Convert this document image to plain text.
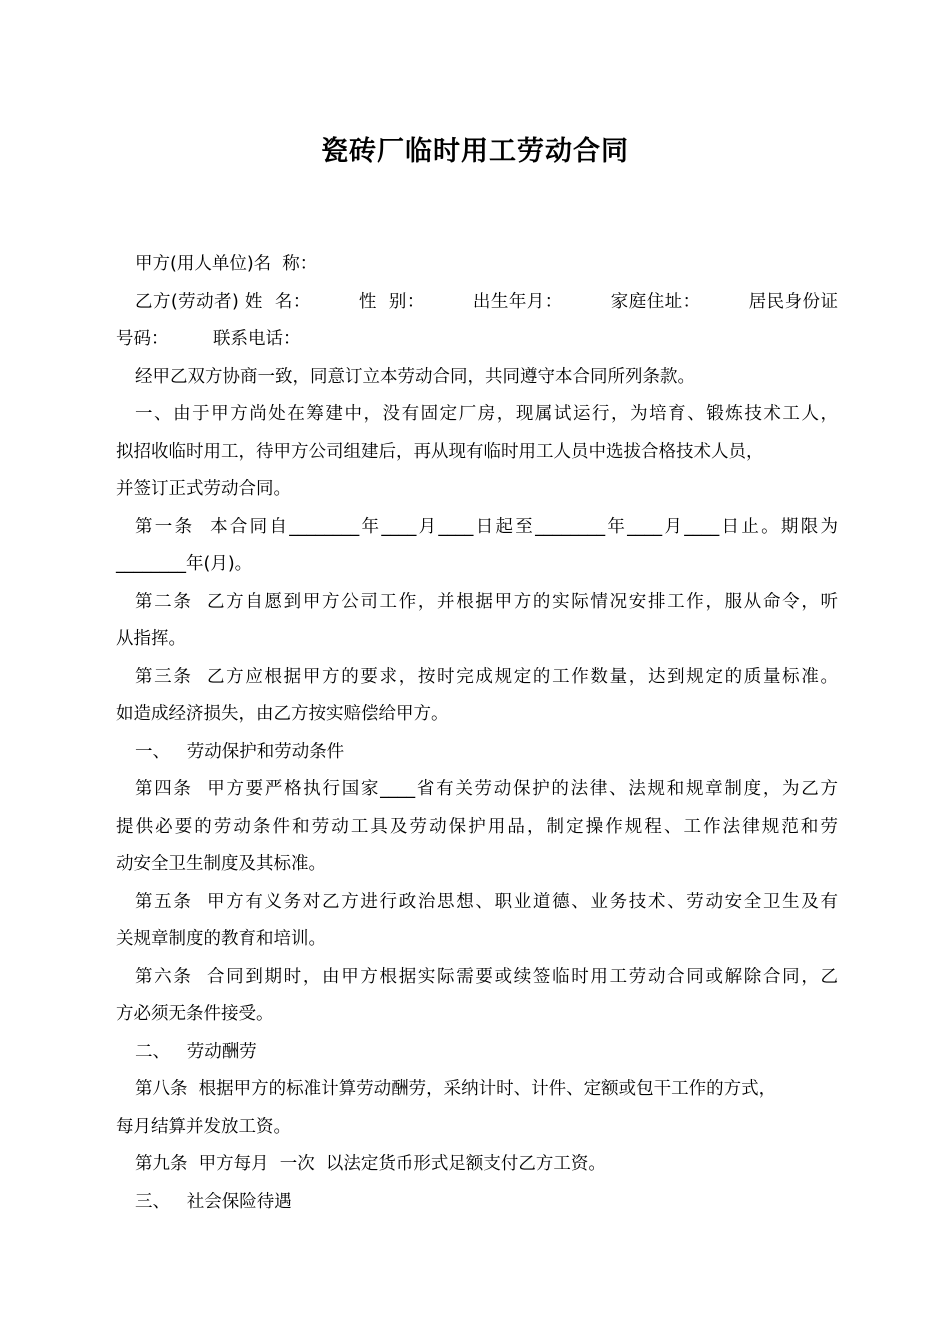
瓷砖厂临时用工劳动合同
甲方(用人单位)名  称：
乙方(劳动者) 姓  名：        性  别：        出生年月：        家庭住址：        居民身份证
号码：        联系电话：
经甲乙双方协商一致，同意订立本劳动合同，共同遵守本合同所列条款。
一、由于甲方尚处在筹建中，没有固定厂房，现属试运行，为培育、锻炼技术工人，
拟招收临时用工，待甲方公司组建后，再从现有临时用工人员中选拔合格技术人员，
并签订正式劳动合同。
第一条  本合同自________年____月____日起至________年____月____日止。期限为
________年(月)。
第二条  乙方自愿到甲方公司工作，并根据甲方的实际情况安排工作，服从命令，听
从指挥。
第三条  乙方应根据甲方的要求，按时完成规定的工作数量，达到规定的质量标准。
如造成经济损失，由乙方按实赔偿给甲方。
一、   劳动保护和劳动条件
第四条  甲方要严格执行国家____省有关劳动保护的法律、法规和规章制度，为乙方
提供必要的劳动条件和劳动工具及劳动保护用品，制定操作规程、工作法律规范和劳
动安全卫生制度及其标准。
第五条  甲方有义务对乙方进行政治思想、职业道德、业务技术、劳动安全卫生及有
关规章制度的教育和培训。
第六条  合同到期时，由甲方根据实际需要或续签临时用工劳动合同或解除合同，乙
方必须无条件接受。
二、   劳动酬劳
第八条  根据甲方的标准计算劳动酬劳，采纳计时、计件、定额或包干工作的方式，
每月结算并发放工资。
第九条  甲方每月  一次  以法定货币形式足额支付乙方工资。
三、   社会保险待遇
